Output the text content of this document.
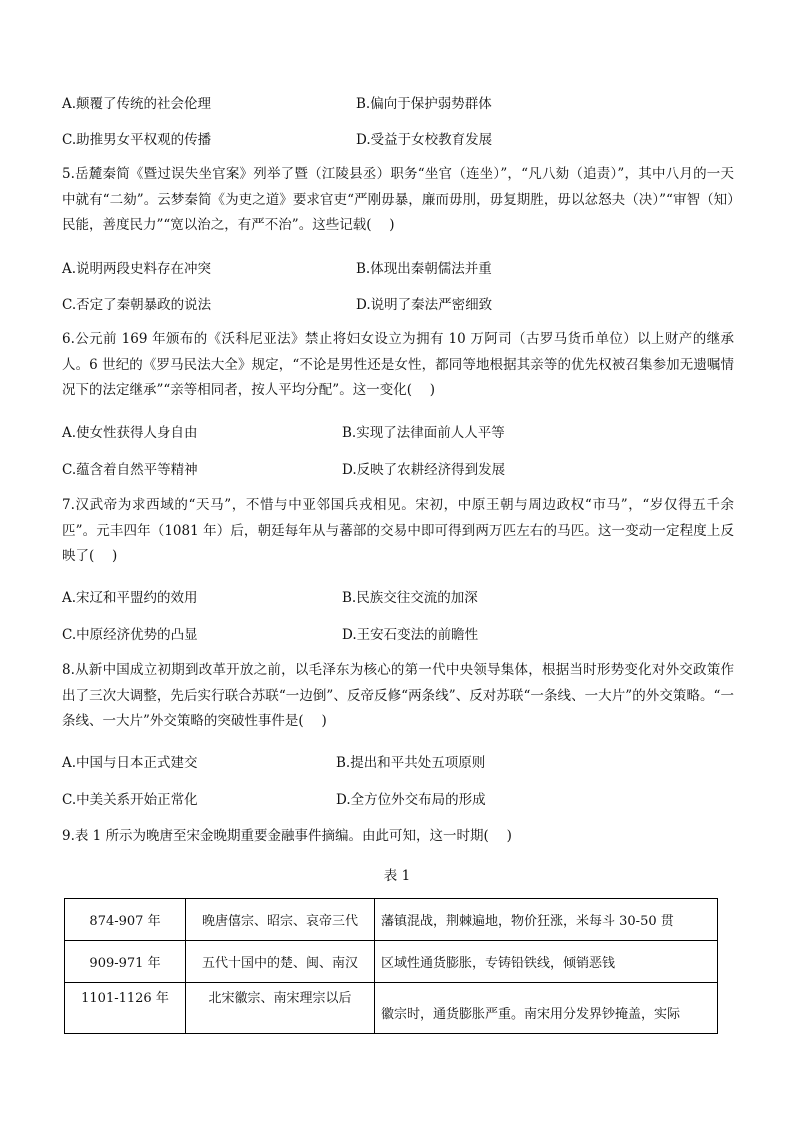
A.颠覆了传统的社会伦理	B.偏向于保护弱势群体
C.助推男女平权观的传播	D.受益于女校教育发展

5.岳麓秦简《暨过误失坐官案》列举了暨（江陵县丞）职务“坐官（连坐）”，“凡八劾（追责）”，其中八月的一天中就有“二劾”。云梦秦简《为吏之道》要求官吏“严刚毋暴，廉而毋刖，毋复期胜，毋以忿怒夬（决）”“审智（知）民能，善度民力”“宽以治之，有严不治”。这些记载(　 )

A.说明两段史料存在冲突	B.体现出秦朝儒法并重
C.否定了秦朝暴政的说法	D.说明了秦法严密细致

6.公元前 169 年颁布的《沃科尼亚法》禁止将妇女设立为拥有 10 万阿司（古罗马货币单位）以上财产的继承人。6 世纪的《罗马民法大全》规定，“不论是男性还是女性，都同等地根据其亲等的优先权被召集参加无遗嘱情况下的法定继承”“亲等相同者，按人平均分配”。这一变化(　 )

A.使女性获得人身自由	B.实现了法律面前人人平等
C.蕴含着自然平等精神	D.反映了农耕经济得到发展

7.汉武帝为求西域的“天马”，不惜与中亚邻国兵戎相见。宋初，中原王朝与周边政权“市马”，“岁仅得五千余匹”。元丰四年（1081 年）后，朝廷每年从与蕃部的交易中即可得到两万匹左右的马匹。这一变动一定程度上反映了(　 )

A.宋辽和平盟约的效用	B.民族交往交流的加深
C.中原经济优势的凸显	D.王安石变法的前瞻性

8.从新中国成立初期到改革开放之前，以毛泽东为核心的第一代中央领导集体，根据当时形势变化对外交政策作出了三次大调整，先后实行联合苏联“一边倒”、反帝反修“两条线”、反对苏联“一条线、一大片”的外交策略。“一条线、一大片”外交策略的突破性事件是(　 )

A.中国与日本正式建交	B.提出和平共处五项原则
C.中美关系开始正常化	D.全方位外交布局的形成

9.表 1 所示为晚唐至宋金晚期重要金融事件摘编。由此可知，这一时期(　 )

表 1
874-907 年	晚唐僖宗、昭宗、哀帝三代	藩镇混战，荆棘遍地，物价狂涨，米每斗 30-50 贯
909-971 年	五代十国中的楚、闽、南汉	区域性通货膨胀，专铸铅铁线，倾销恶钱
1101-1126 年	北宋徽宗、南宋理宗以后	徽宗时，通货膨胀严重。南宋用分发界钞掩盖，实际
